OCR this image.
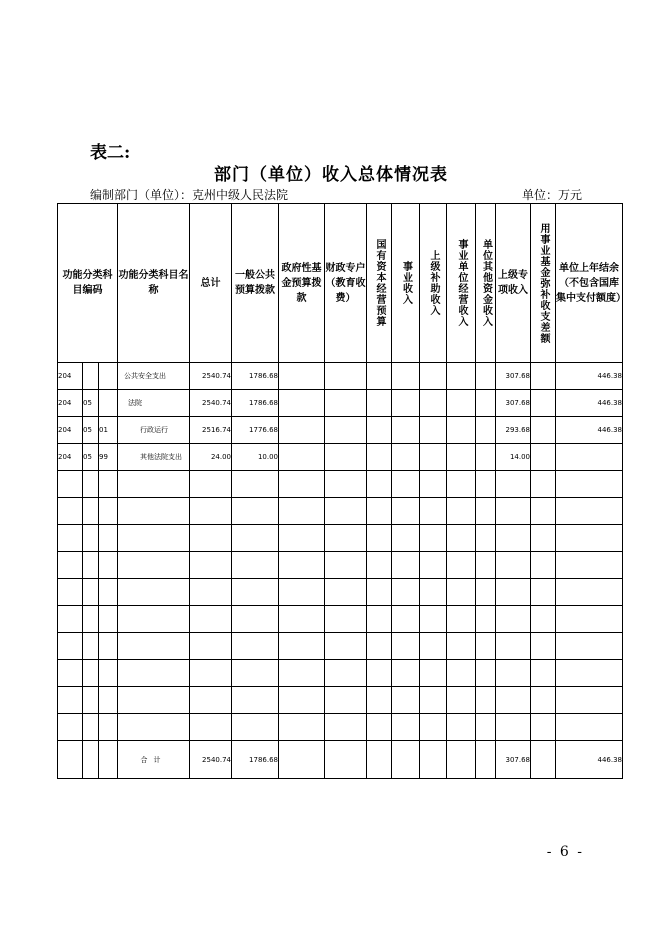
表二:
部门（单位）收入总体情况表
编制部门（单位）：克州中级人民法院	单位：万元
功能分类科目编码			功能分类科目名称	总计	一般公共预算拨款	政府性基金预算拨款	财政专户（教育收费）	国有资本经营预算	事业收入	上级补助收入	事业单位经营收入	单位其他资金收入	上级专项收入	用事业基金弥补收支差额	单位上年结余（不包含国库集中支付额度）
204			公共安全支出	2540.74	1786.68								307.68		446.38
204	05		法院	2540.74	1786.68								307.68		446.38
204	05	01	行政运行	2516.74	1776.68								293.68		446.38
204	05	99	其他法院支出	24.00	10.00								14.00		

			合计	2540.74	1786.68								307.68		446.38
- 6 -
